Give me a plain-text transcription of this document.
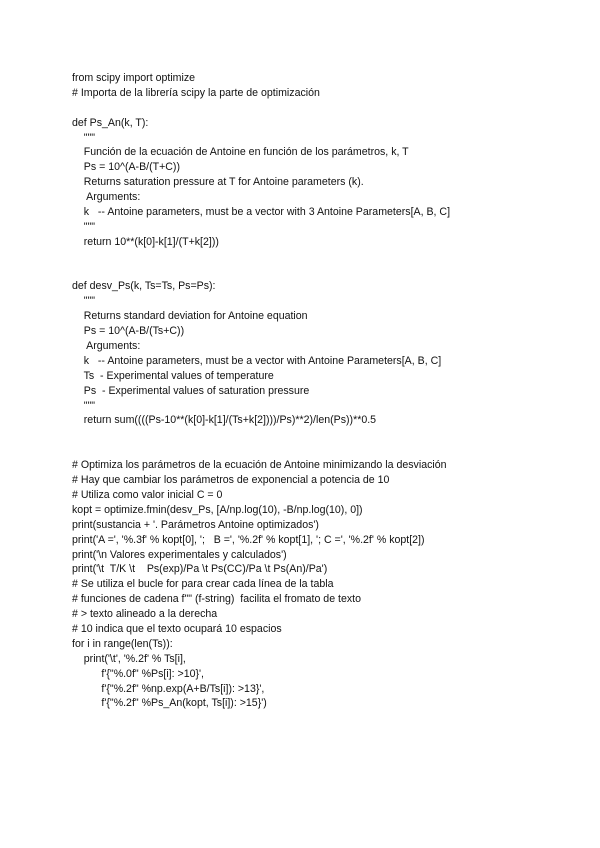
from scipy import optimize
# Importa de la librería scipy la parte de optimización
def Ps_An(k, T):
"""
Función de la ecuación de Antoine en función de los parámetros, k, T
Ps = 10^(A-B/(T+C))
Returns saturation pressure at T for Antoine parameters (k).
Arguments:
k   -- Antoine parameters, must be a vector with 3 Antoine Parameters[A, B, C]
"""
return 10**(k[0]-k[1]/(T+k[2]))
def desv_Ps(k, Ts=Ts, Ps=Ps):
"""
Returns standard deviation for Antoine equation
Ps = 10^(A-B/(Ts+C))
Arguments:
k   -- Antoine parameters, must be a vector with Antoine Parameters[A, B, C]
Ts  - Experimental values of temperature
Ps  - Experimental values of saturation pressure
"""
return sum((((Ps-10**(k[0]-k[1]/(Ts+k[2])))/Ps)**2)/len(Ps))**0.5
# Optimiza los parámetros de la ecuación de Antoine minimizando la desviación
# Hay que cambiar los parámetros de exponencial a potencia de 10
# Utiliza como valor inicial C = 0
kopt = optimize.fmin(desv_Ps, [A/np.log(10), -B/np.log(10), 0])
print(sustancia + '. Parámetros Antoine optimizados')
print('A =', '%.3f' % kopt[0], ';   B =', '%.2f' % kopt[1], '; C =', '%.2f' % kopt[2])
print('\n Valores experimentales y calculados')
print('\t  T/K \t    Ps(exp)/Pa \t Ps(CC)/Pa \t Ps(An)/Pa')
# Se utiliza el bucle for para crear cada línea de la tabla
# funciones de cadena f"" (f-string)  facilita el fromato de texto
# > texto alineado a la derecha
# 10 indica que el texto ocupará 10 espacios
for i in range(len(Ts)):
print('\t', '%.2f' % Ts[i],
f'{"%.0f" %Ps[i]: >10}',
f'{"%.2f" %np.exp(A+B/Ts[i]): >13}',
f'{"%.2f" %Ps_An(kopt, Ts[i]): >15}')
